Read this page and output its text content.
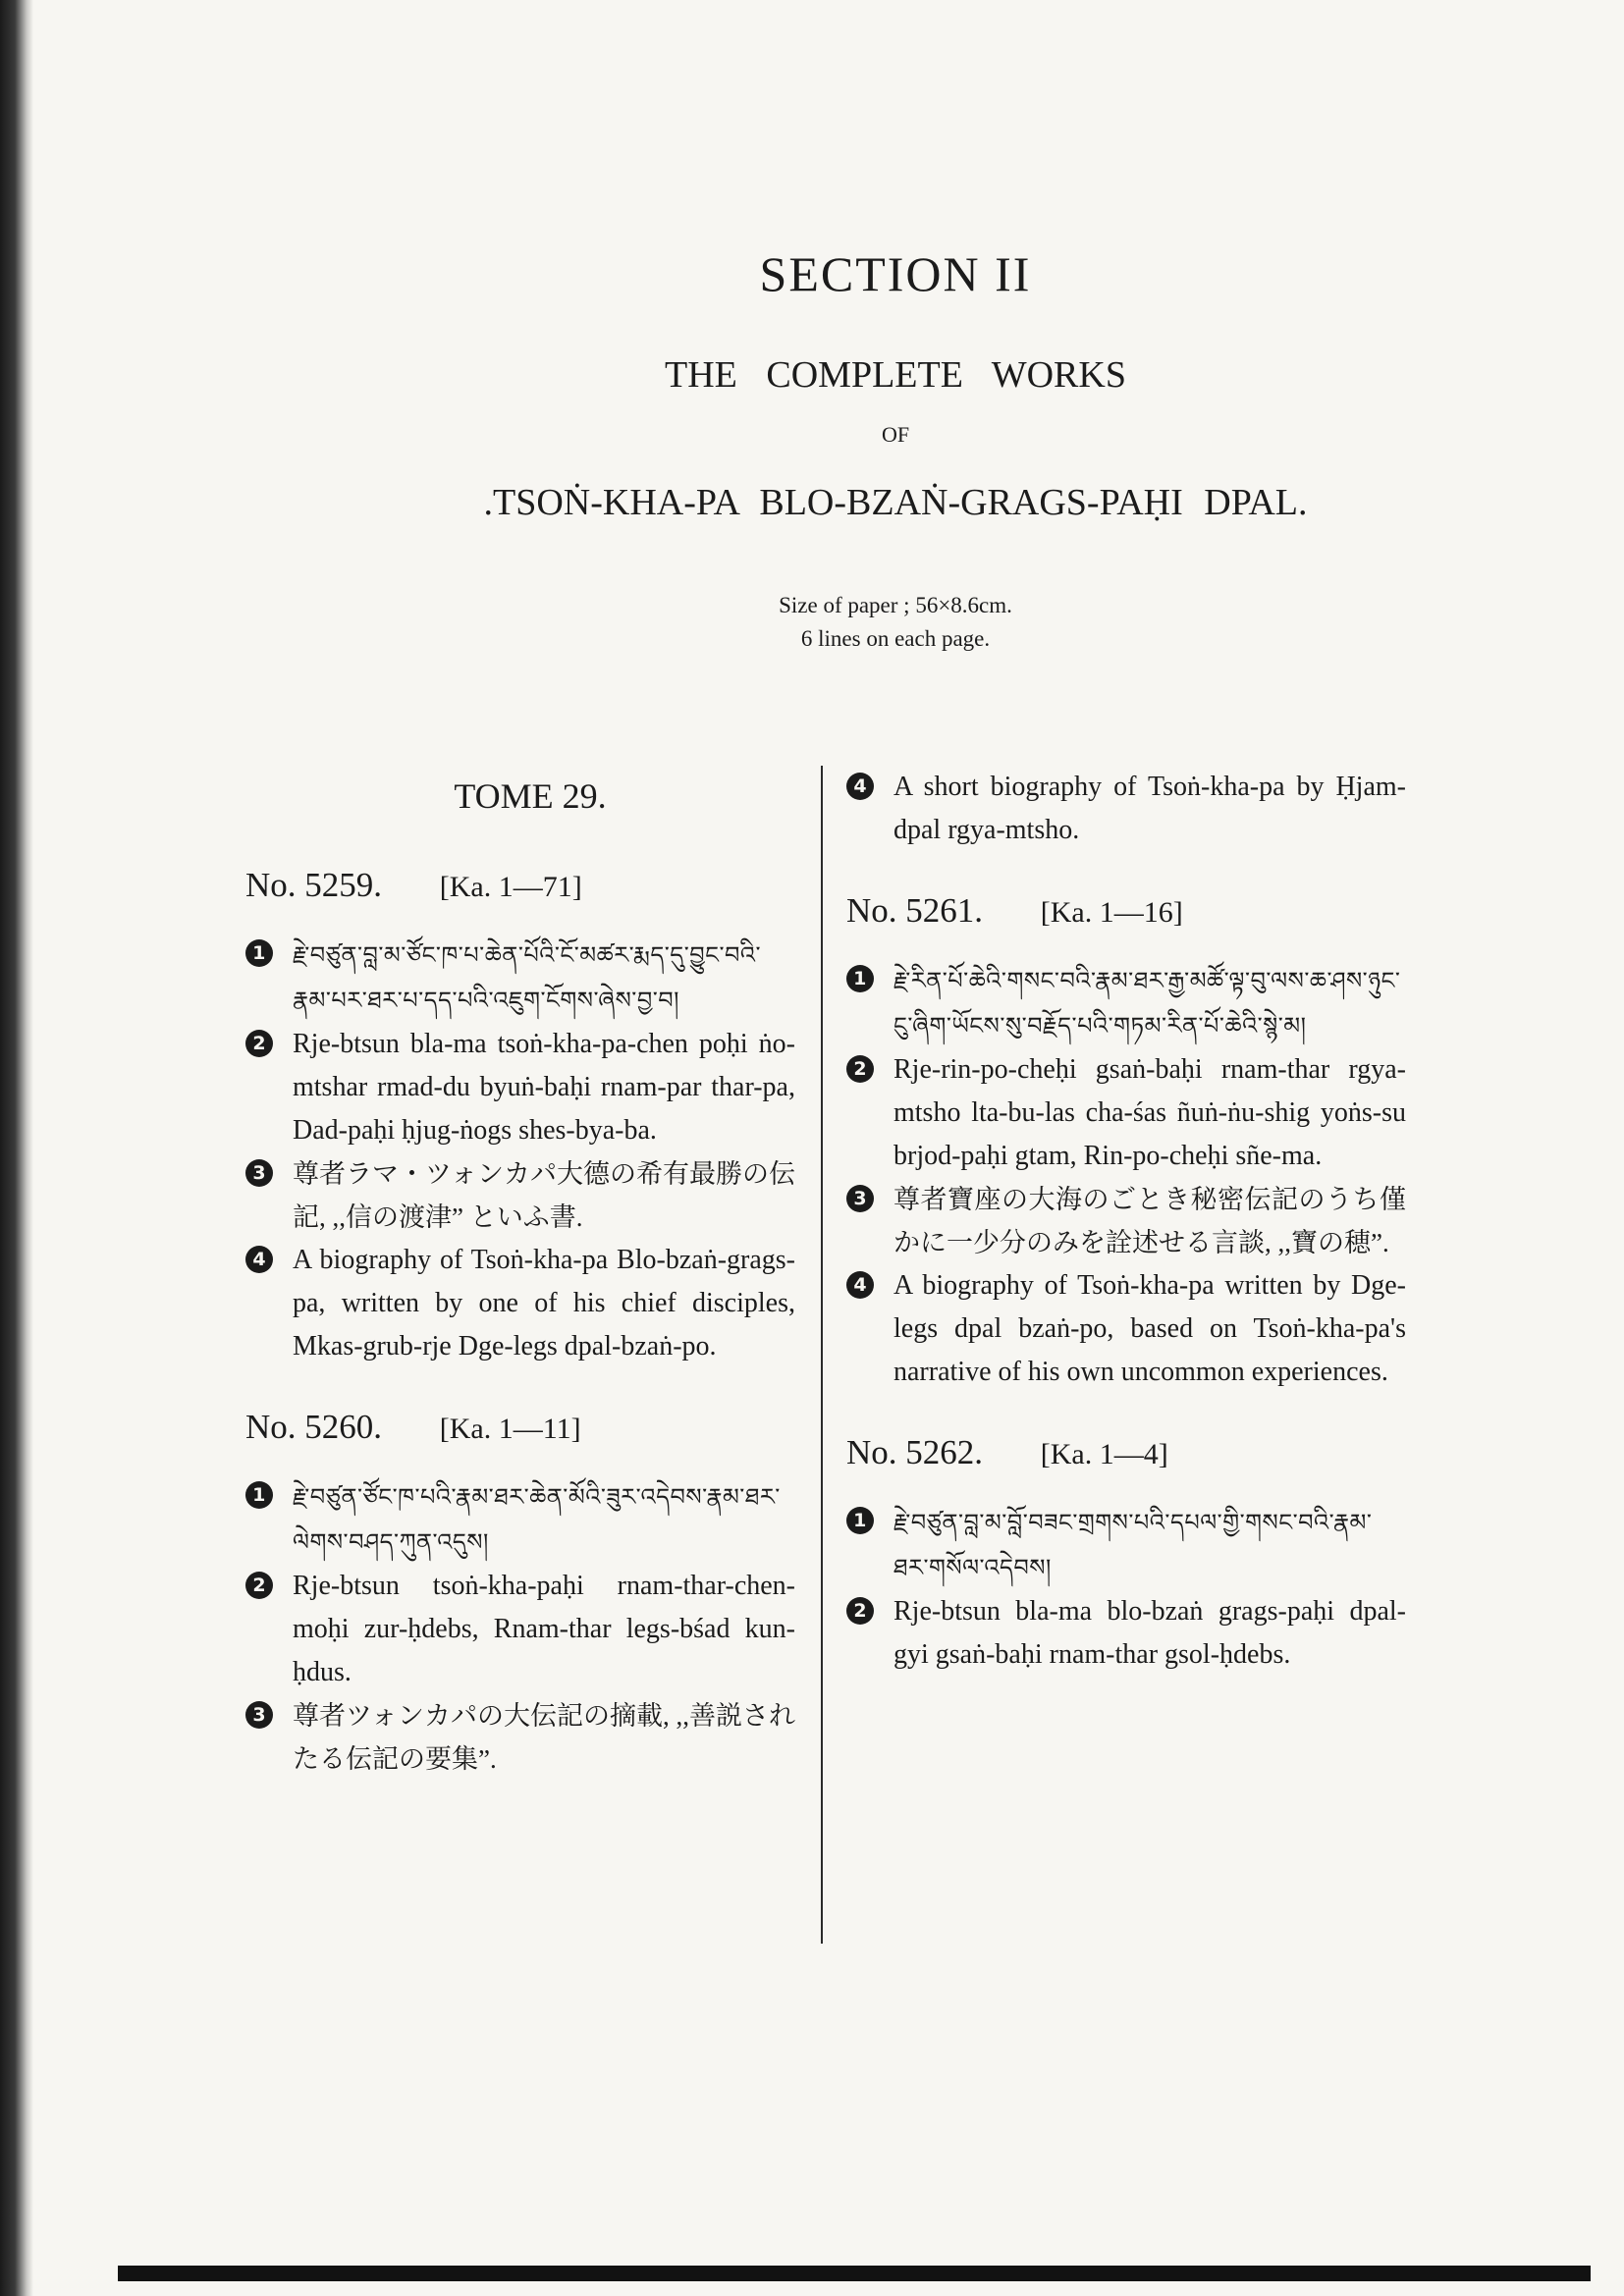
SECTION II
THE COMPLETE WORKS
OF
.TSOṄ-KHA-PA BLO-BZAṄ-GRAGS-PAḤI DPAL.
Size of paper ; 56×8.6cm.
6 lines on each page.
TOME 29.
No. 5259. [Ka. 1—71]
1 རྗེ་བཙུན་བླ་མ་ཙོང་ཁ་པ་ཆེན་པོའི་ངོ་མཚར་རྨད་དུ་བྱུང་བའི་རྣམ་པར་ཐར་པ་དད་པའི་འཇུག་ངོགས་ཞེས་བྱ་བ།
2 Rje-btsun bla-ma tsoṅ-kha-pa-chen poḥi ṅo-mtshar rmad-du byuṅ-baḥi rnam-par thar-pa, Dad-paḥi ḥjug-ṅogs shes-bya-ba.
3 尊者ラマ・ツォンカパ大德の希有最勝の伝記, ,,信の渡津” といふ書.
4 A biography of Tsoṅ-kha-pa Blo-bzaṅ-grags-pa, written by one of his chief disciples, Mkas-grub-rje Dge-legs dpal-bzaṅ-po.
No. 5260. [Ka. 1—11]
1 རྗེ་བཙུན་ཙོང་ཁ་པའི་རྣམ་ཐར་ཆེན་མོའི་ཟུར་འདེབས་རྣམ་ཐར་ལེགས་བཤད་ཀུན་འདུས།
2 Rje-btsun tsoṅ-kha-paḥi rnam-thar-chen-moḥi zur-ḥdebs, Rnam-thar legs-bśad kun-ḥdus.
3 尊者ツォンカパの大伝記の摘載, ,,善説されたる伝記の要集”.
4 A short biography of Tsoṅ-kha-pa by Ḥjam-dpal rgya-mtsho.
No. 5261. [Ka. 1—16]
1 རྗེ་རིན་པོ་ཆེའི་གསང་བའི་རྣམ་ཐར་རྒྱ་མཚོ་ལྟ་བུ་ལས་ཆ་ཤས་ཉུང་ངུ་ཞིག་ཡོངས་སུ་བརྗོད་པའི་གཏམ་རིན་པོ་ཆེའི་སྙེ་མ།
2 Rje-rin-po-cheḥi gsaṅ-baḥi rnam-thar rgya-mtsho lta-bu-las cha-śas ñuṅ-ṅu-shig yoṅs-su brjod-paḥi gtam, Rin-po-cheḥi sñe-ma.
3 尊者寶座の大海のごとき秘密伝記のうち僅かに一少分のみを詮述せる言談, ,,寶の穂”.
4 A biography of Tsoṅ-kha-pa written by Dge-legs dpal bzaṅ-po, based on Tsoṅ-kha-pa's narrative of his own uncommon experiences.
No. 5262. [Ka. 1—4]
1 རྗེ་བཙུན་བླ་མ་བློ་བཟང་གྲགས་པའི་དཔལ་གྱི་གསང་བའི་རྣམ་ཐར་གསོལ་འདེབས།
2 Rje-btsun bla-ma blo-bzaṅ grags-paḥi dpal-gyi gsaṅ-baḥi rnam-thar gsol-ḥdebs.
